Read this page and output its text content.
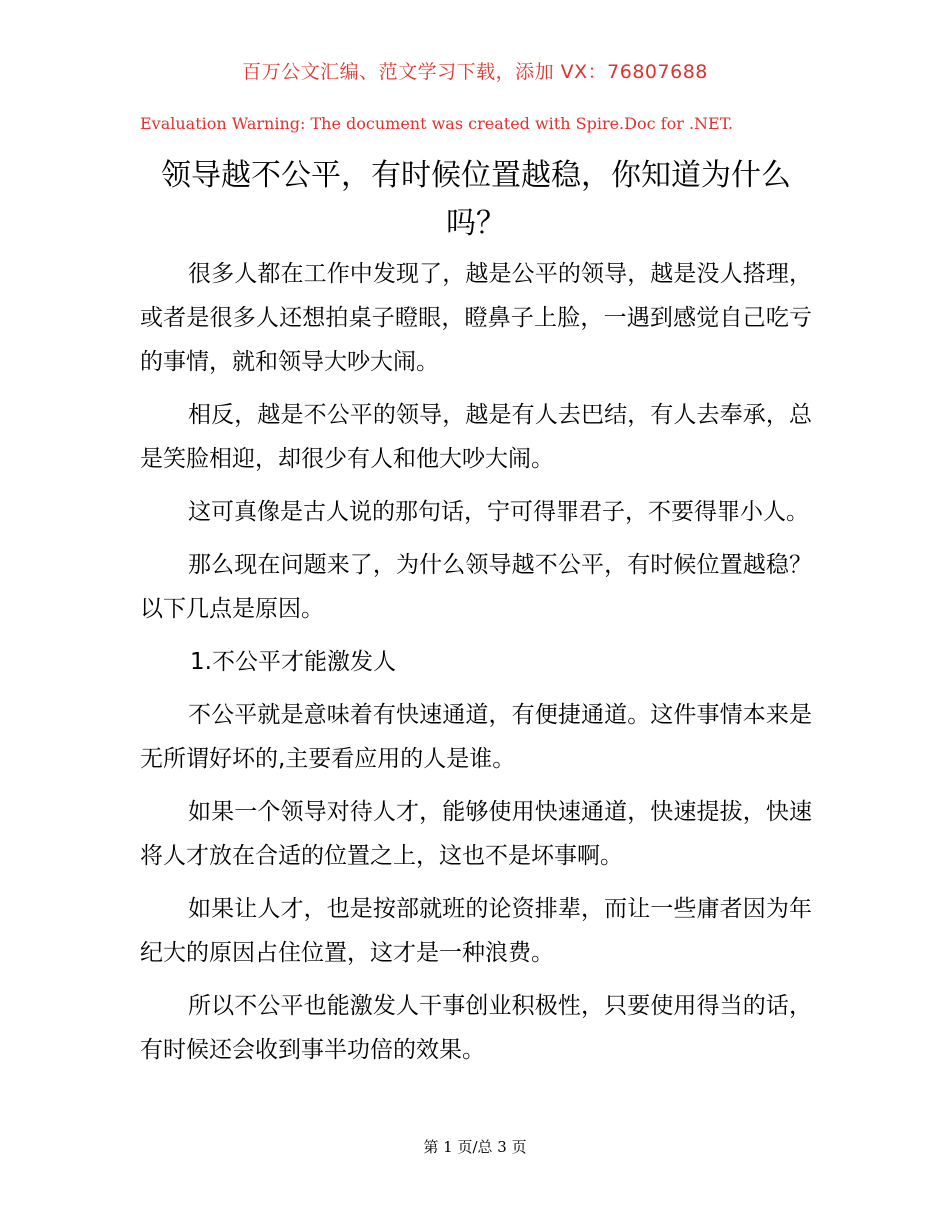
百万公文汇编、范文学习下载，添加 VX：76807688
Evaluation Warning: The document was created with Spire.Doc for .NET.
领导越不公平，有时候位置越稳，你知道为什么吗？

很多人都在工作中发现了，越是公平的领导，越是没人搭理，或者是很多人还想拍桌子瞪眼，瞪鼻子上脸，一遇到感觉自己吃亏的事情，就和领导大吵大闹。

相反，越是不公平的领导，越是有人去巴结，有人去奉承，总是笑脸相迎，却很少有人和他大吵大闹。

这可真像是古人说的那句话，宁可得罪君子，不要得罪小人。

那么现在问题来了，为什么领导越不公平，有时候位置越稳？以下几点是原因。

1.不公平才能激发人

不公平就是意味着有快速通道，有便捷通道。这件事情本来是无所谓好坏的,主要看应用的人是谁。

如果一个领导对待人才，能够使用快速通道，快速提拔，快速将人才放在合适的位置之上，这也不是坏事啊。

如果让人才，也是按部就班的论资排辈，而让一些庸者因为年纪大的原因占住位置，这才是一种浪费。

所以不公平也能激发人干事创业积极性，只要使用得当的话，有时候还会收到事半功倍的效果。

第 1 页/总 3 页
